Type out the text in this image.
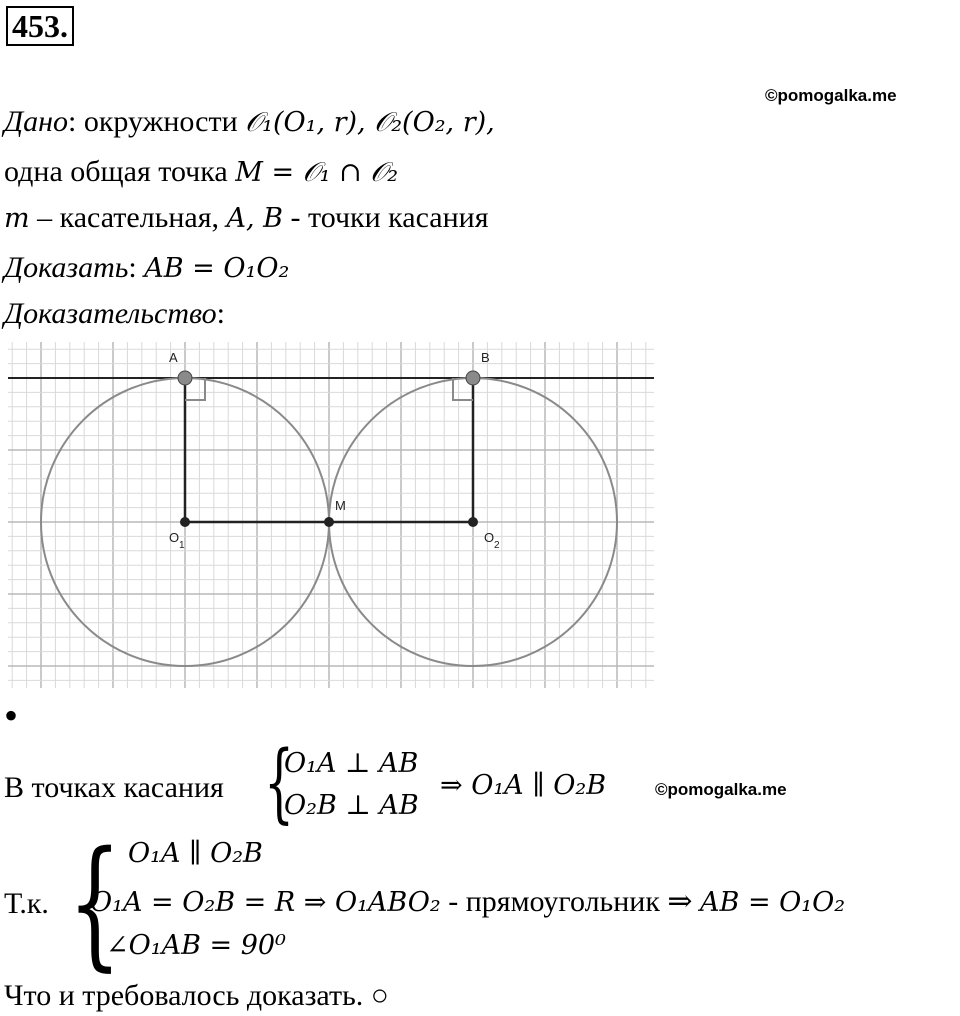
453.
©pomogalka.me
Дано: окружности 𝒪₁(O₁, r), 𝒪₂(O₂, r),
одна общая точка M = 𝒪₁ ∩ 𝒪₂
m – касательная, A, B - точки касания
Доказать: AB = O₁O₂
Доказательство:
A	B
M
O
1
O
2
•
В точках касания {
O₁A ⊥ AB
O₂B ⊥ AB
⇒ O₁A ∥ O₂B	©pomogalka.me
Т.к. { O₁A ∥ O₂B
O₁A = O₂B = R ⇒ O₁ABO₂ - прямоугольник ⇒ AB = O₁O₂
∠O₁AB = 90⁰
Что и требовалось доказать. ○
